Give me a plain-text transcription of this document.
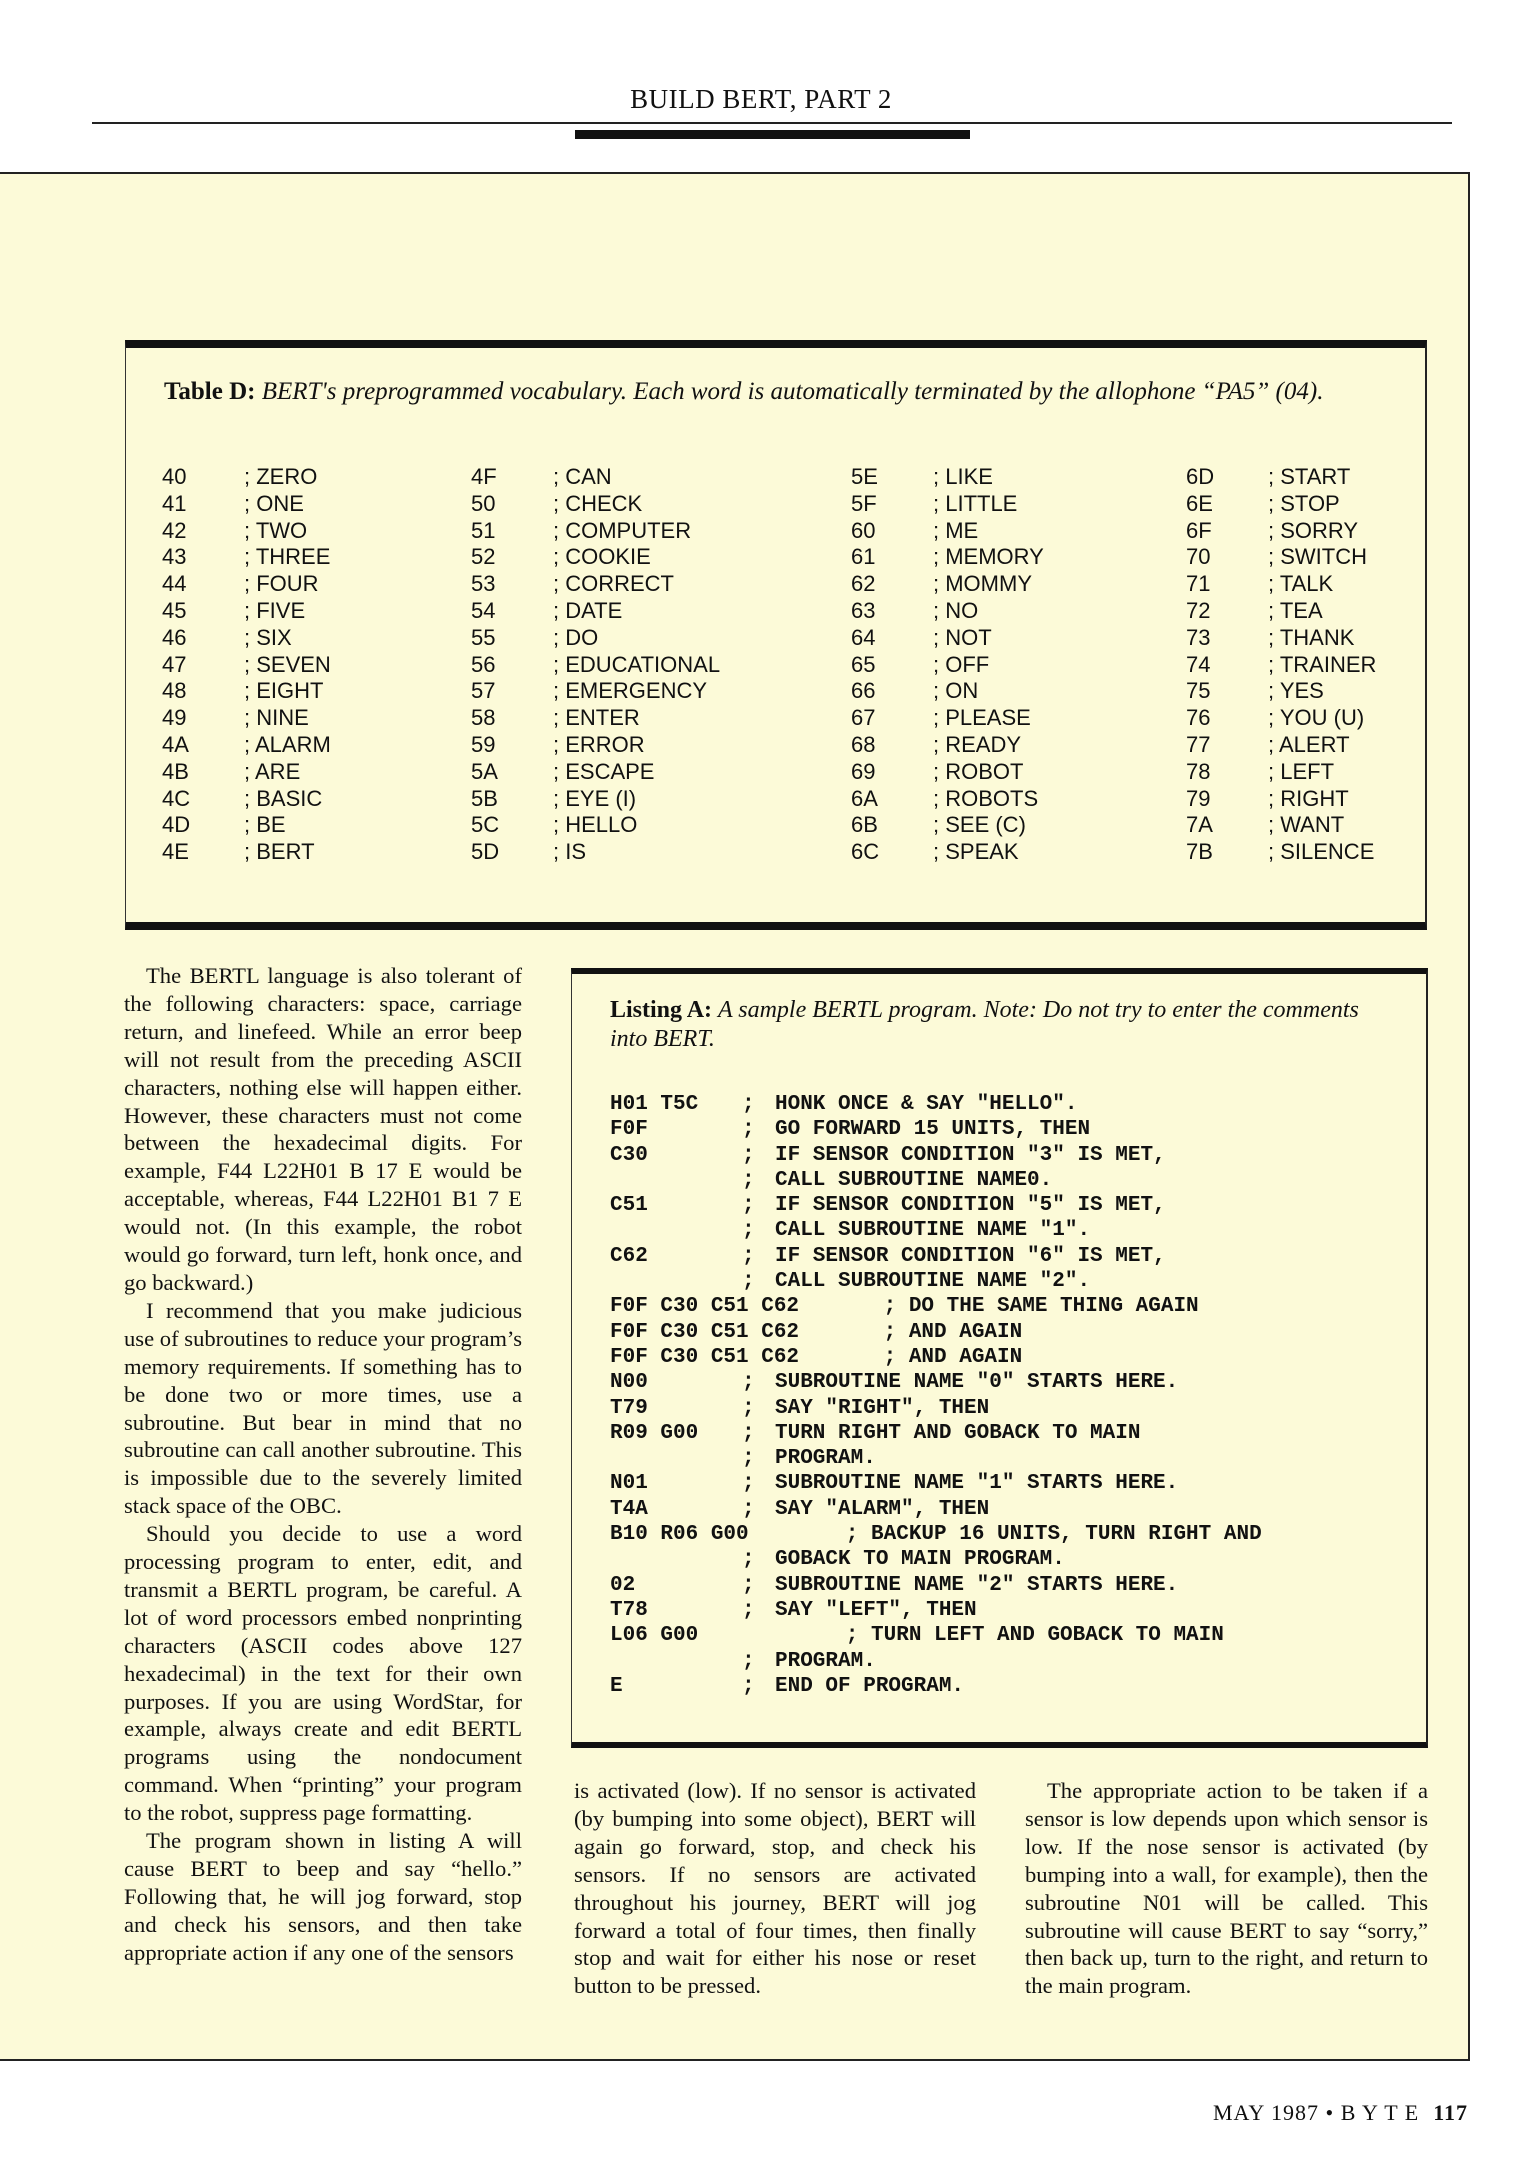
BUILD BERT, PART 2
Table D: BERT's preprogrammed vocabulary. Each word is automatically terminated by the allophone “PA5” (04).
40	; ZERO
41	; ONE
42	; TWO
43	; THREE
44	; FOUR
45	; FIVE
46	; SIX
47	; SEVEN
48	; EIGHT
49	; NINE
4A	; ALARM
4B	; ARE
4C ; BASIC
4D ; BE
4E	; BERT
4F	; CAN
50	; CHECK
51	; COMPUTER
52	; COOKIE
53	; CORRECT
54	; DATE
55	; DO
56	; EDUCATIONAL
57	; EMERGENCY
58	; ENTER
59	; ERROR
5A	; ESCAPE
5B	; EYE (I)
5C ; HELLO
5D ; IS
5E	; LIKE
5F	; LITTLE
60	; ME
61	; MEMORY
62	; MOMMY
63	; NO
64	; NOT
65	; OFF
66	; ON
67	; PLEASE
68	; READY
69	; ROBOT
6A	; ROBOTS
6B	; SEE (C)
6C ; SPEAK
6D ; START
6E	; STOP
6F	; SORRY
70	; SWITCH
71	; TALK
72	; TEA
73	; THANK
74	; TRAINER
75	; YES
76	; YOU (U)
77	; ALERT
78	; LEFT
79	; RIGHT
7A	; WANT
7B	; SILENCE

The BERTL language is also tolerant of the following characters: space, carriage return, and linefeed. While an error beep will not result from the preceding ASCII characters, nothing else will happen either. However, these characters must not come between the hexadecimal digits. For example, F44 L22H01 B 17 E would be acceptable, whereas, F44 L22H01 B1 7 E would not. (In this example, the robot would go forward, turn left, honk once, and go backward.)

I recommend that you make judicious use of subroutines to reduce your program’s memory requirements. If something has to be done two or more times, use a subroutine. But bear in mind that no subroutine can call another subroutine. This is impossible due to the severely limited stack space of the OBC.

Should you decide to use a word processing program to enter, edit, and transmit a BERTL program, be careful. A lot of word processors embed nonprinting characters (ASCII codes above 127 hexadecimal) in the text for their own purposes. If you are using WordStar, for example, always create and edit BERTL programs using the nondocument command. When “printing” your program to the robot, suppress page formatting.

The program shown in listing A will cause BERT to beep and say “hello.” Following that, he will jog forward, stop and check his sensors, and then take appropriate action if any one of the sensors

Listing A: A sample BERTL program. Note: Do not try to enter the comments into BERT.
H01 T5C ; HONK ONCE & SAY "HELLO".
F0F	; GO FORWARD 15 UNITS, THEN
C30	; IF SENSOR CONDITION "3" IS MET,
; CALL SUBROUTINE NAME0.
C51	; IF SENSOR CONDITION "5" IS MET,
; CALL SUBROUTINE NAME "1".
C62	; IF SENSOR CONDITION "6" IS MET,
; CALL SUBROUTINE NAME "2".
F0F C30 C51 C62 ; DO THE SAME THING AGAIN
F0F C30 C51 C62 ; AND AGAIN
F0F C30 C51 C62 ; AND AGAIN
N00	; SUBROUTINE NAME "0" STARTS HERE.
T79	; SAY "RIGHT", THEN
R09 G00 ; TURN RIGHT AND GOBACK TO MAIN
; PROGRAM.
N01	; SUBROUTINE NAME "1" STARTS HERE.
T4A	; SAY "ALARM", THEN
B10 R06 G00	; BACKUP 16 UNITS, TURN RIGHT AND
; GOBACK TO MAIN PROGRAM.
02	; SUBROUTINE NAME "2" STARTS HERE.
T78	; SAY "LEFT", THEN
L06 G00	; TURN LEFT AND GOBACK TO MAIN
; PROGRAM.
E	; END OF PROGRAM.

is activated (low). If no sensor is activated (by bumping into some object), BERT will again go forward, stop, and check his sensors. If no sensors are activated throughout his journey, BERT will jog forward a total of four times, then finally stop and wait for either his nose or reset button to be pressed.

The appropriate action to be taken if a sensor is low depends upon which sensor is low. If the nose sensor is activated (by bumping into a wall, for example), then the subroutine N01 will be called. This subroutine will cause BERT to say “sorry,” then back up, turn to the right, and return to the main program.

MAY 1987 • B Y T E 117
